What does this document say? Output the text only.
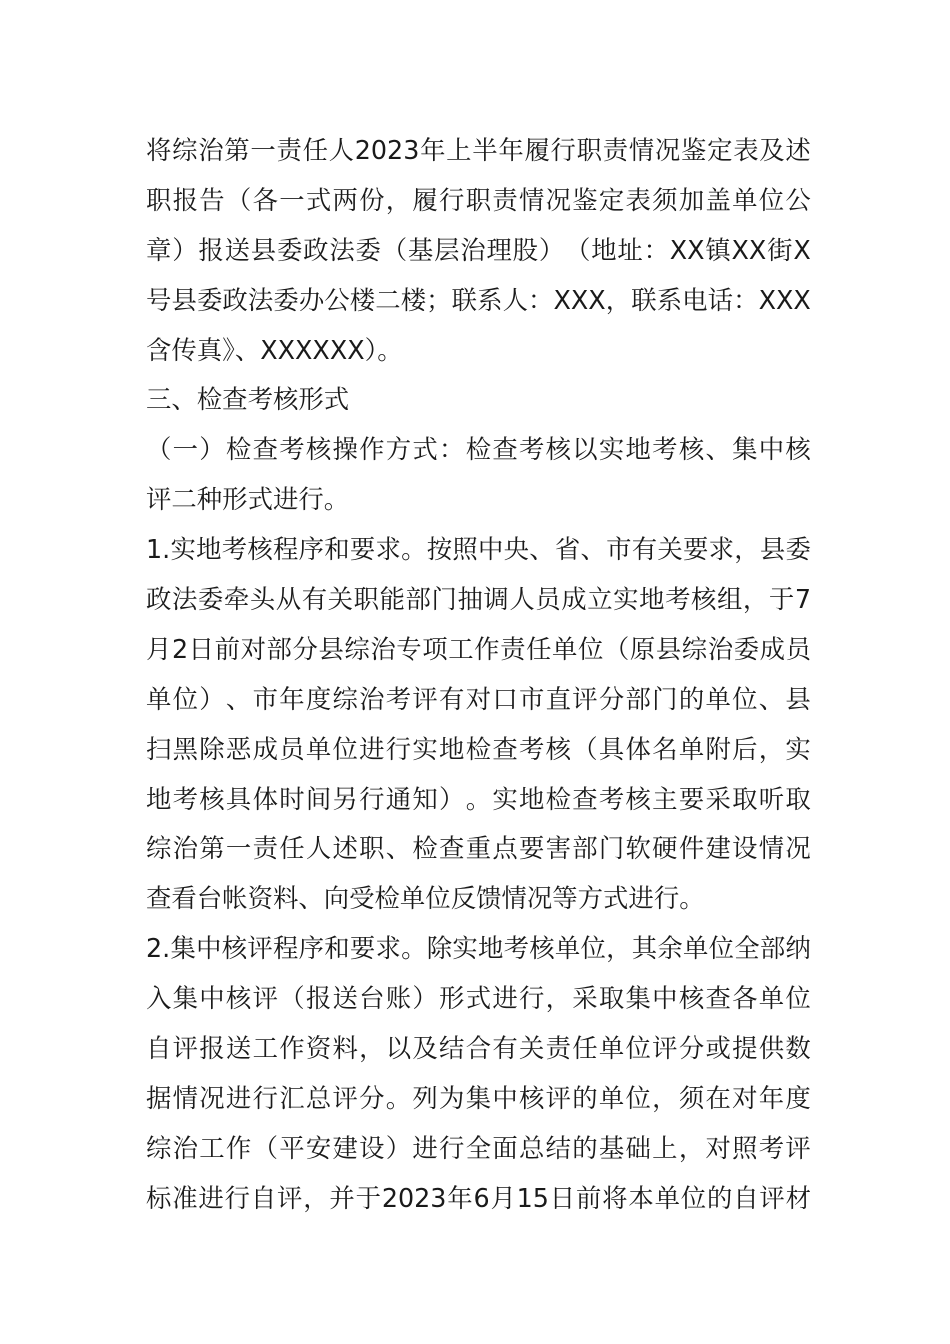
将 综 治 第 一 责 任 人 2023 年 上 半 年 履 行 职 责 情 况 鉴 定 表 及 述
职 报 告 （ 各 一 式 两 份 ， 履 行 职 责 情 况 鉴 定 表 须 加 盖 单 位 公
章 ） 报 送 县 委 政 法 委 （ 基 层 治 理 股 ） （ 地 址 ： XX 镇 XX 街 X
号 县 委 政 法 委 办 公 楼 二 楼 ； 联 系 人 ： XXX ， 联 系 电 话 ： XXX
含传真》、XXXXXX）。
三、检查考核形式
（ 一 ） 检 查 考 核 操 作 方 式 ： 检 查 考 核 以 实 地 考 核 、 集 中 核
评二种形式进行。
1. 实 地 考 核 程 序 和 要 求 。 按 照 中 央 、 省 、 市 有 关 要 求 ， 县 委
政 法 委 牵 头 从 有 关 职 能 部 门 抽 调 人 员 成 立 实 地 考 核 组 ， 于 7
月 2 日 前 对 部 分 县 综 治 专 项 工 作 责 任 单 位 （ 原 县 综 治 委 成 员
单 位 ） 、 市 年 度 综 治 考 评 有 对 口 市 直 评 分 部 门 的 单 位 、 县
扫 黑 除 恶 成 员 单 位 进 行 实 地 检 查 考 核 （ 具 体 名 单 附 后 ， 实
地 考 核 具 体 时 间 另 行 通 知 ） 。 实 地 检 查 考 核 主 要 采 取 听 取
综 治 第 一 责 任 人 述 职 、 检 查 重 点 要 害 部 门 软 硬 件 建 设 情 况
查看台帐资料、向受检单位反馈情况等方式进行。
2. 集 中 核 评 程 序 和 要 求 。 除 实 地 考 核 单 位 ， 其 余 单 位 全 部 纳
入 集 中 核 评 （ 报 送 台 账 ） 形 式 进 行 ， 采 取 集 中 核 查 各 单 位
自 评 报 送 工 作 资 料 ， 以 及 结 合 有 关 责 任 单 位 评 分 或 提 供 数
据 情 况 进 行 汇 总 评 分 。 列 为 集 中 核 评 的 单 位 ， 须 在 对 年 度
综 治 工 作 （ 平 安 建 设 ） 进 行 全 面 总 结 的 基 础 上 ， 对 照 考 评
标 准 进 行 自 评 ， 并 于 2023 年 6 月 15 日 前 将 本 单 位 的 自 评 材
